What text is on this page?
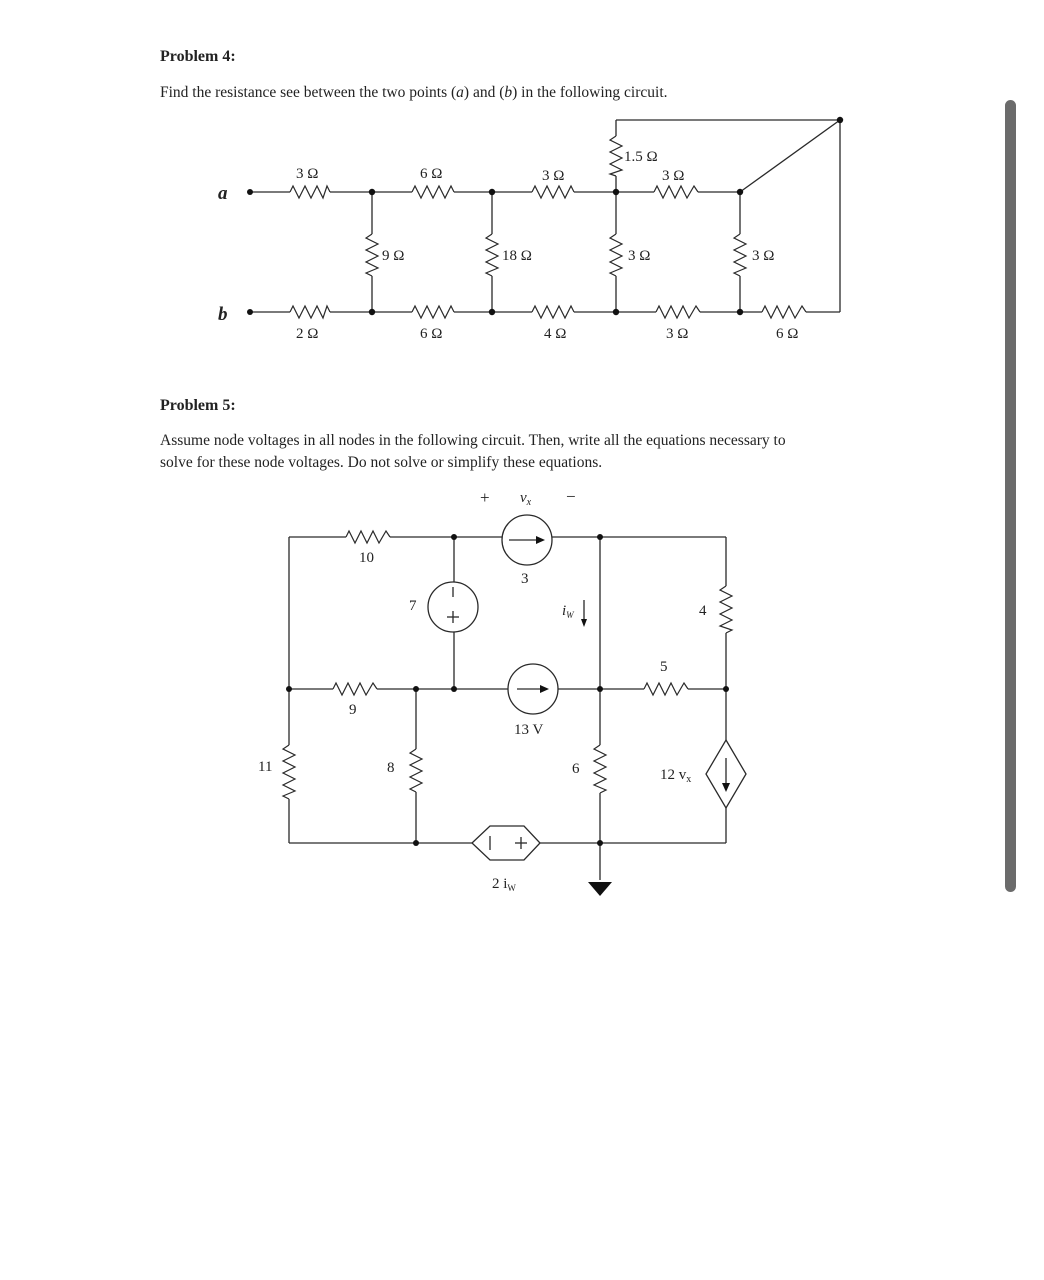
Problem 4:
Find the resistance see between the two points (a) and (b) in the following circuit.
a
b
3 Ω	6 Ω	3 Ω	3 Ω
1.5 Ω
9 Ω	18 Ω	3 Ω	3 Ω
2 Ω	6 Ω	4 Ω	3 Ω	6 Ω
Problem 5:
Assume node voltages in all nodes in the following circuit. Then, write all the equations necessary to
solve for these node voltages. Do not solve or simplify these equations.
+ $v_x$ −
10
3
7	$i_W$	4
5
9
13 V
11	8	6	12 $v_x$
2 $i_W$
